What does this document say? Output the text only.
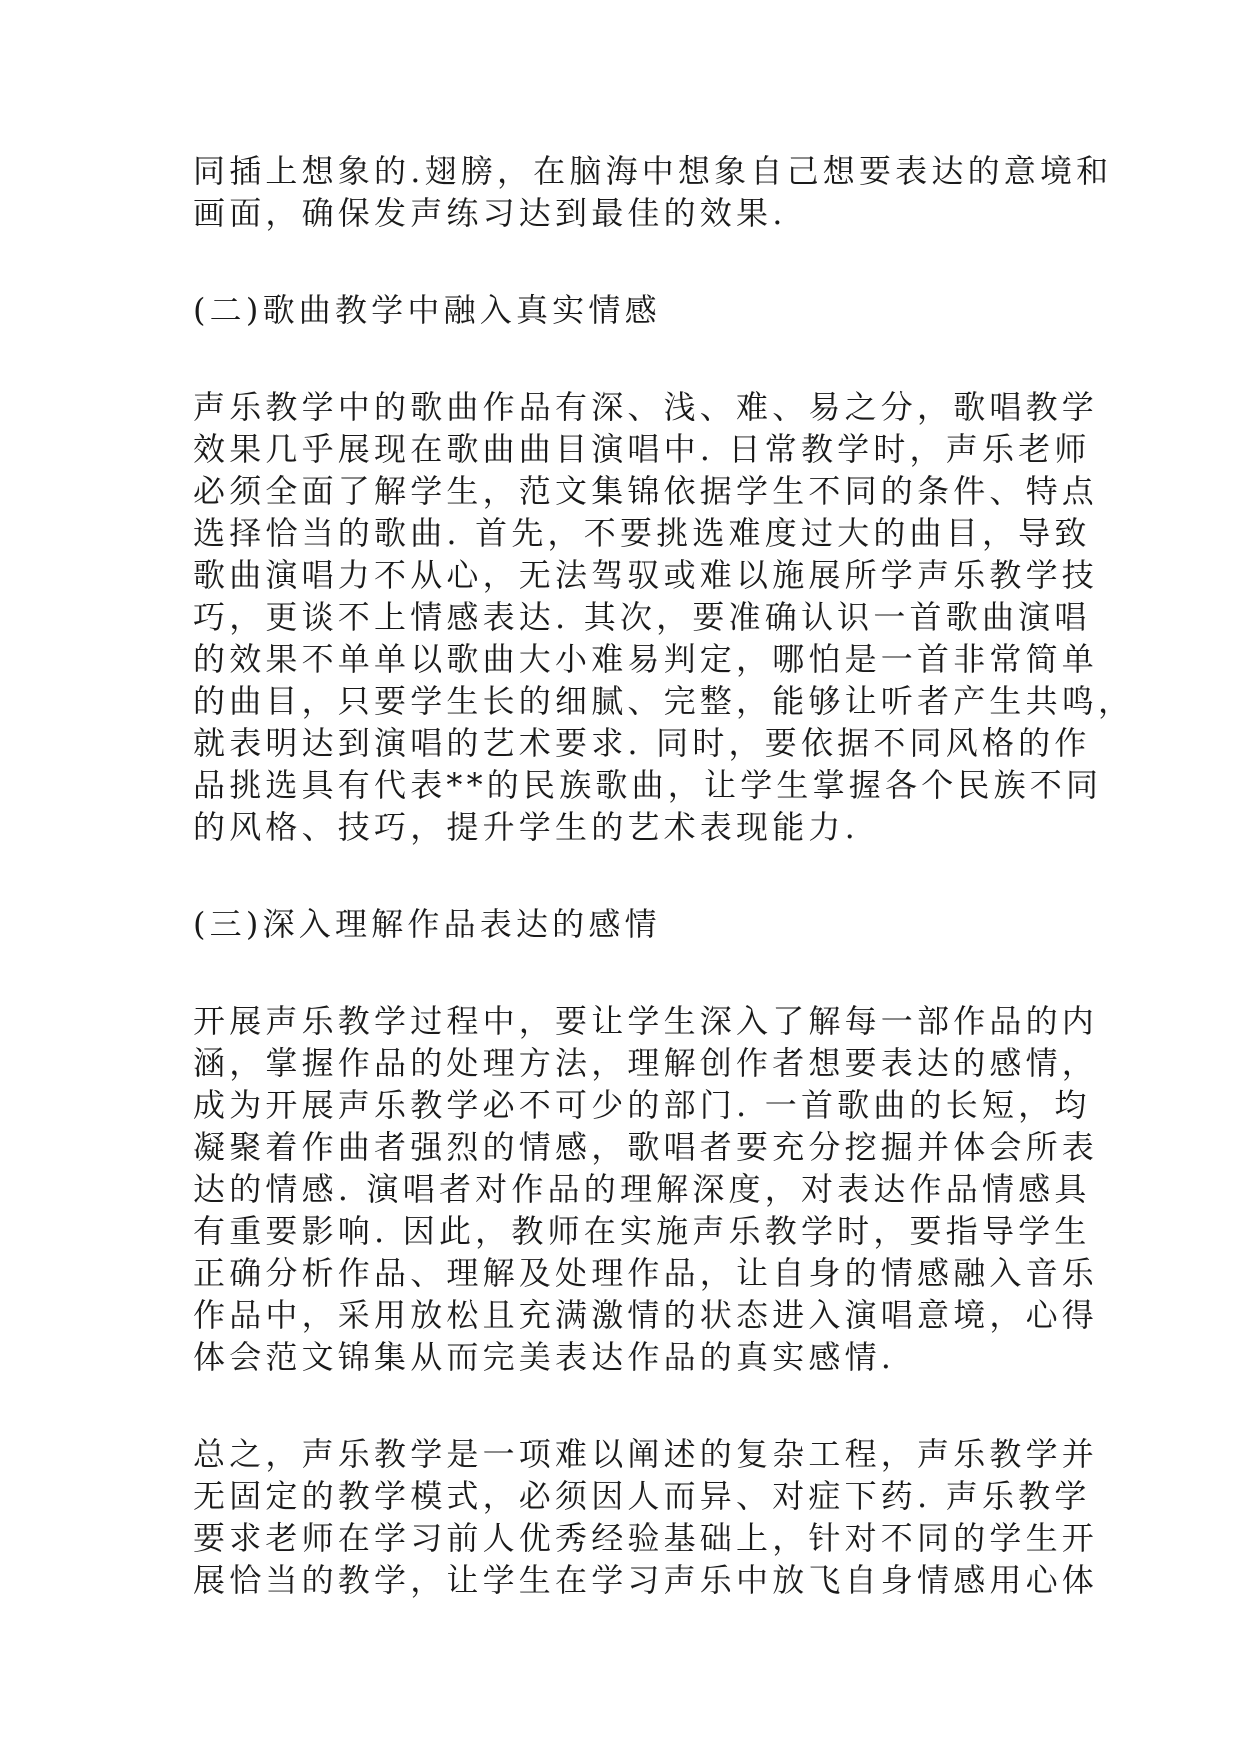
同插上想象的.翅膀，在脑海中想象自己想要表达的意境和
画面，确保发声练习达到最佳的效果.
(二)歌曲教学中融入真实情感
声乐教学中的歌曲作品有深、浅、难、易之分，歌唱教学
效果几乎展现在歌曲曲目演唱中. 日常教学时，声乐老师
必须全面了解学生，范文集锦依据学生不同的条件、特点
选择恰当的歌曲. 首先，不要挑选难度过大的曲目，导致
歌曲演唱力不从心，无法驾驭或难以施展所学声乐教学技
巧，更谈不上情感表达. 其次，要准确认识一首歌曲演唱
的效果不单单以歌曲大小难易判定，哪怕是一首非常简单
的曲目，只要学生长的细腻、完整，能够让听者产生共鸣，
就表明达到演唱的艺术要求. 同时，要依据不同风格的作
品挑选具有代表**的民族歌曲，让学生掌握各个民族不同
的风格、技巧，提升学生的艺术表现能力.
(三)深入理解作品表达的感情
开展声乐教学过程中，要让学生深入了解每一部作品的内
涵，掌握作品的处理方法，理解创作者想要表达的感情，
成为开展声乐教学必不可少的部门. 一首歌曲的长短，均
凝聚着作曲者强烈的情感，歌唱者要充分挖掘并体会所表
达的情感. 演唱者对作品的理解深度，对表达作品情感具
有重要影响. 因此，教师在实施声乐教学时，要指导学生
正确分析作品、理解及处理作品，让自身的情感融入音乐
作品中，采用放松且充满激情的状态进入演唱意境，心得
体会范文锦集从而完美表达作品的真实感情.
总之，声乐教学是一项难以阐述的复杂工程，声乐教学并
无固定的教学模式，必须因人而异、对症下药. 声乐教学
要求老师在学习前人优秀经验基础上，针对不同的学生开
展恰当的教学，让学生在学习声乐中放飞自身情感用心体
